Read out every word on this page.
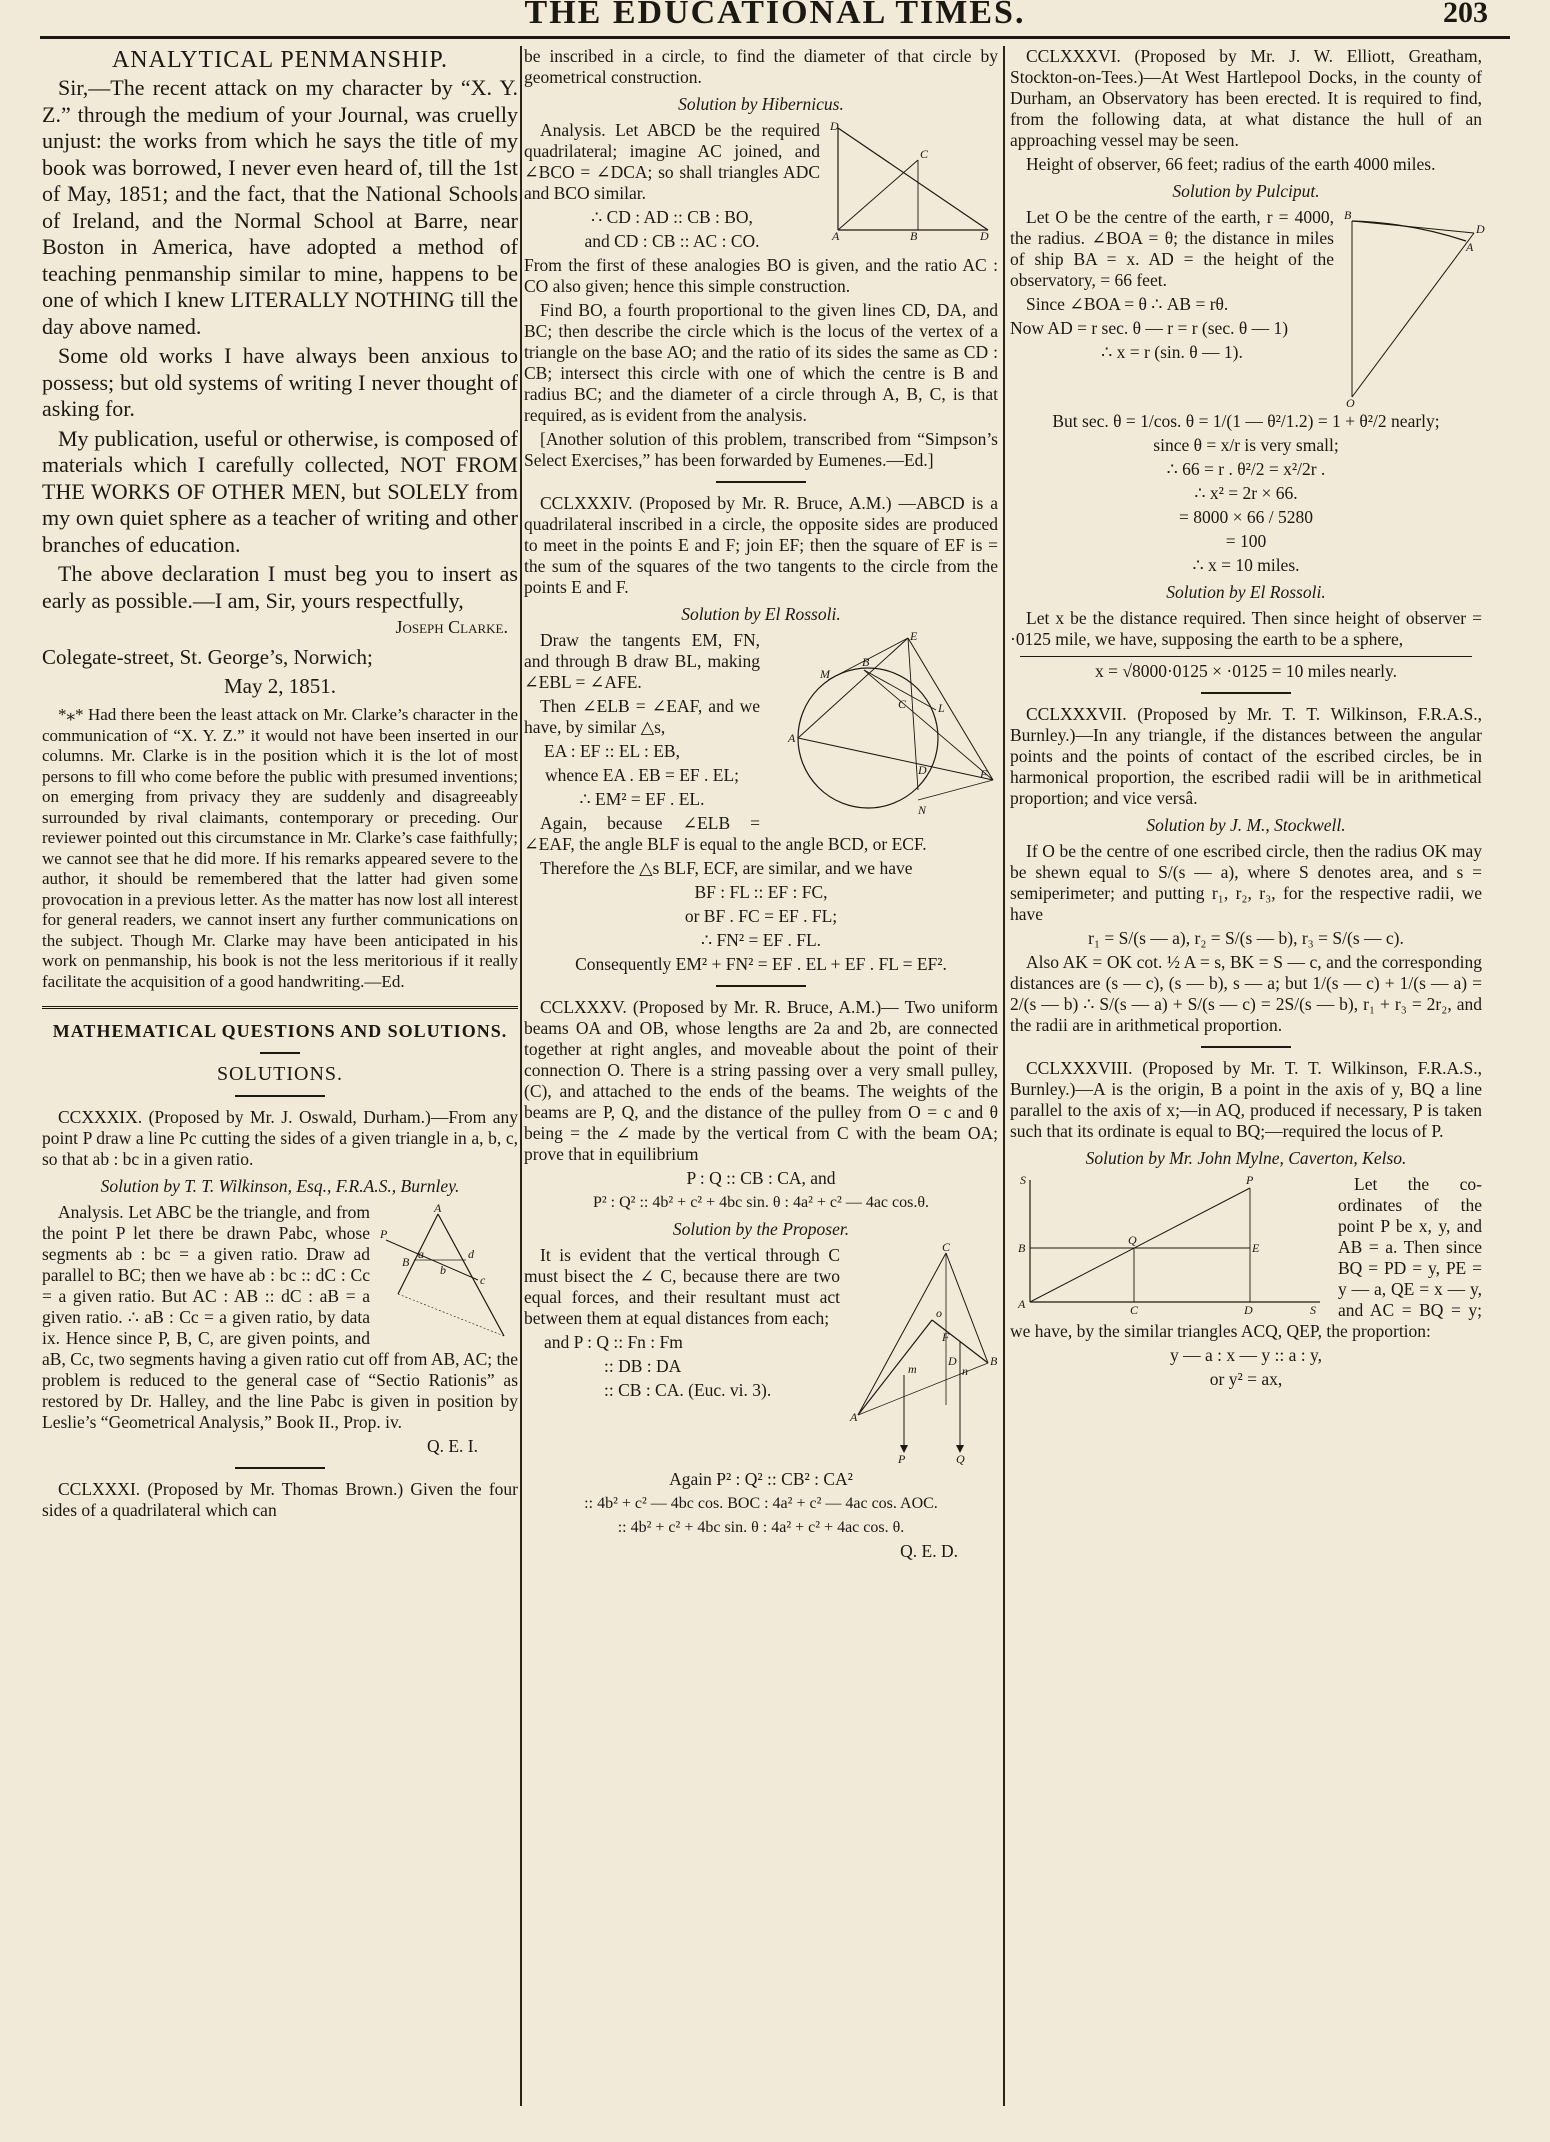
THE EDUCATIONAL TIMES.	203
ANALYTICAL PENMANSHIP.

Sir,—The recent attack on my character by “X. Y. Z.” through the medium of your Journal, was cruelly unjust: the works from which he says the title of my book was borrowed, I never even heard of, till the 1st of May, 1851; and the fact, that the National Schools of Ireland, and the Normal School at Barre, near Boston in America, have adopted a method of teaching penmanship similar to mine, happens to be one of which I knew LITERALLY NOTHING till the day above named.

Some old works I have always been anxious to possess; but old systems of writing I never thought of asking for.

My publication, useful or otherwise, is composed of materials which I carefully collected, NOT FROM THE WORKS OF OTHER MEN, but SOLELY from my own quiet sphere as a teacher of writing and other branches of education.

The above declaration I must beg you to insert as early as possible.—I am, Sir, yours respectfully,

Joseph Clarke.

Colegate-street, St. George’s, Norwich;

May 2, 1851.

*⁎* Had there been the least attack on Mr. Clarke’s character in the communication of “X. Y. Z.” it would not have been inserted in our columns. Mr. Clarke is in the position which it is the lot of most persons to fill who come before the public with presumed inventions; on emerging from privacy they are suddenly and disagreeably surrounded by rival claimants, contemporary or preceding. Our reviewer pointed out this circumstance in Mr. Clarke’s case faithfully; we cannot see that he did more. If his remarks appeared severe to the author, it should be remembered that the latter had given some provocation in a previous letter. As the matter has now lost all interest for general readers, we cannot insert any further communications on the subject. Though Mr. Clarke may have been anticipated in his work on penmanship, his book is not the less meritorious if it really facilitate the acquisition of a good handwriting.—Ed.

MATHEMATICAL QUESTIONS AND SOLUTIONS.
SOLUTIONS.

CCXXXIX. (Proposed by Mr. J. Oswald, Durham.)—From any point P draw a line Pc cutting the sides of a given triangle in a, b, c, so that ab : bc in a given ratio.

Solution by T. T. Wilkinson, Esq., F.R.A.S., Burnley.
A
P
B
a
b
c
d

Analysis. Let ABC be the triangle, and from the point P let there be drawn Pabc, whose segments ab : bc = a given ratio. Draw ad parallel to BC; then we have ab : bc :: dC : Cc = a given ratio. But AC : AB :: dC : aB = a given ratio. ∴ aB : Cc = a given ratio, by data ix. Hence since P, B, C, are given points, and aB, Cc, two segments having a given ratio cut off from AB, AC; the problem is reduced to the general case of “Sectio Rationis” as restored by Dr. Halley, and the line Pabc is given in position by Leslie’s “Geometrical Analysis,” Book II., Prop. iv.

Q. E. I.

CCLXXXI. (Proposed by Mr. Thomas Brown.) Given the four sides of a quadrilateral which can

be inscribed in a circle, to find the diameter of that circle by geometrical construction.

Solution by Hibernicus.
D
C
A	B	D

Analysis. Let ABCD be the required quadrilateral; imagine AC joined, and ∠BCO = ∠DCA; so shall triangles ADC and BCO similar.

∴ CD : AD :: CB : BO,

and CD : CB :: AC : CO.

From the first of these analogies BO is given, and the ratio AC : CO also given; hence this simple construction.

Find BO, a fourth proportional to the given lines CD, DA, and BC; then describe the circle which is the locus of the vertex of a triangle on the base AO; and the ratio of its sides the same as CD : CB; intersect this circle with one of which the centre is B and radius BC; and the diameter of a circle through A, B, C, is that required, as is evident from the analysis.

[Another solution of this problem, transcribed from “Simpson’s Select Exercises,” has been forwarded by Eumenes.—Ed.]

CCLXXXIV. (Proposed by Mr. R. Bruce, A.M.) —ABCD is a quadrilateral inscribed in a circle, the opposite sides are produced to meet in the points E and F; join EF; then the square of EF is = the sum of the squares of the two tangents to the circle from the points E and F.

Solution by El Rossoli.
E
M
B
L
C
A
D	F
N

Draw the tangents EM, FN, and through B draw BL, making ∠EBL = ∠AFE.

Then ∠ELB = ∠EAF, and we have, by similar △s,

EA : EF :: EL : EB,

whence EA . EB = EF . EL;

∴ EM² = EF . EL.

Again, because ∠ELB = ∠EAF, the angle BLF is equal to the angle BCD, or ECF.

Therefore the △s BLF, ECF, are similar, and we have

BF : FL :: EF : FC,

or BF . FC = EF . FL;

∴ FN² = EF . FL.

Consequently EM² + FN² = EF . EL + EF . FL = EF².

CCLXXXV. (Proposed by Mr. R. Bruce, A.M.)— Two uniform beams OA and OB, whose lengths are 2a and 2b, are connected together at right angles, and moveable about the point of their connection O. There is a string passing over a very small pulley, (C), and attached to the ends of the beams. The weights of the beams are P, Q, and the distance of the pulley from O = c and θ being = the ∠ made by the vertical from C with the beam OA; prove that in equilibrium

P : Q :: CB : CA, and

P² : Q² :: 4b² + c² + 4bc sin. θ : 4a² + c² — 4ac cos.θ.

Solution by the Proposer.
C
o
B
A
P	Q
m	n
D
F

It is evident that the vertical through C must bisect the ∠ C, because there are two equal forces, and their resultant must act between them at equal distances from each;

and P : Q :: Fn : Fm

:: DB : DA

:: CB : CA. (Euc. vi. 3).

Again P² : Q² :: CB² : CA²

:: 4b² + c² — 4bc cos. BOC : 4a² + c² — 4ac cos. AOC.

:: 4b² + c² + 4bc sin. θ : 4a² + c² + 4ac cos. θ.

Q. E. D.

CCLXXXVI. (Proposed by Mr. J. W. Elliott, Greatham, Stockton-on-Tees.)—At West Hartlepool Docks, in the county of Durham, an Observatory has been erected. It is required to find, from the following data, at what distance the hull of an approaching vessel may be seen.

Height of observer, 66 feet; radius of the earth 4000 miles.

Solution by Pulciput.
B
D
A
O

Let O be the centre of the earth, r = 4000, the radius. ∠BOA = θ; the distance in miles of ship BA = x. AD = the height of the observatory, = 66 feet.

Since ∠BOA = θ ∴ AB = rθ.

Now AD = r sec. θ — r = r (sec. θ — 1)

∴ x = r (sin. θ — 1).

But sec. θ = 1/cos. θ = 1/(1 — θ²/1.2) = 1 + θ²/2 nearly;

since θ = x/r is very small;

∴ 66 = r . θ²/2 = x²/2r .

∴ x² = 2r × 66.

= 8000 × 66 / 5280

= 100

∴ x = 10 miles.

Solution by El Rossoli.

Let x be the distance required. Then since height of observer = ·0125 mile, we have, supposing the earth to be a sphere,

x = √8000·0125 × ·0125 = 10 miles nearly.

CCLXXXVII. (Proposed by Mr. T. T. Wilkinson, F.R.A.S., Burnley.)—In any triangle, if the distances between the angular points and the points of contact of the escribed circles, be in harmonical proportion, the escribed radii will be in arithmetical proportion; and vice versâ.

Solution by J. M., Stockwell.

If O be the centre of one escribed circle, then the radius OK may be shewn equal to S/(s — a), where S denotes area, and s = semiperimeter; and putting r₁, r₂, r₃, for the respective radii, we have

r₁ = S/(s — a), r₂ = S/(s — b), r₃ = S/(s — c).

Also AK = OK cot. ½ A = s, BK = S — c, and the corresponding distances are (s — c), (s — b), s — a; but 1/(s — c) + 1/(s — a) = 2/(s — b) ∴ S/(s — a) + S/(s — c) = 2S/(s — b), r₁ + r₃ = 2r₂, and the radii are in arithmetical proportion.

CCLXXXVIII. (Proposed by Mr. T. T. Wilkinson, F.R.A.S., Burnley.)—A is the origin, B a point in the axis of y, BQ a line parallel to the axis of x;—in AQ, produced if necessary, P is taken such that its ordinate is equal to BQ;—required the locus of P.

Solution by Mr. John Mylne, Caverton, Kelso.
S
B
A
Q
E
P
C	D	S

Let the co-ordinates of the point P be x, y, and AB = a. Then since BQ = PD = y, PE = y — a, QE = x — y, and AC = BQ = y; we have, by the similar triangles ACQ, QEP, the proportion:

y — a : x — y :: a : y,

or y² = ax,
